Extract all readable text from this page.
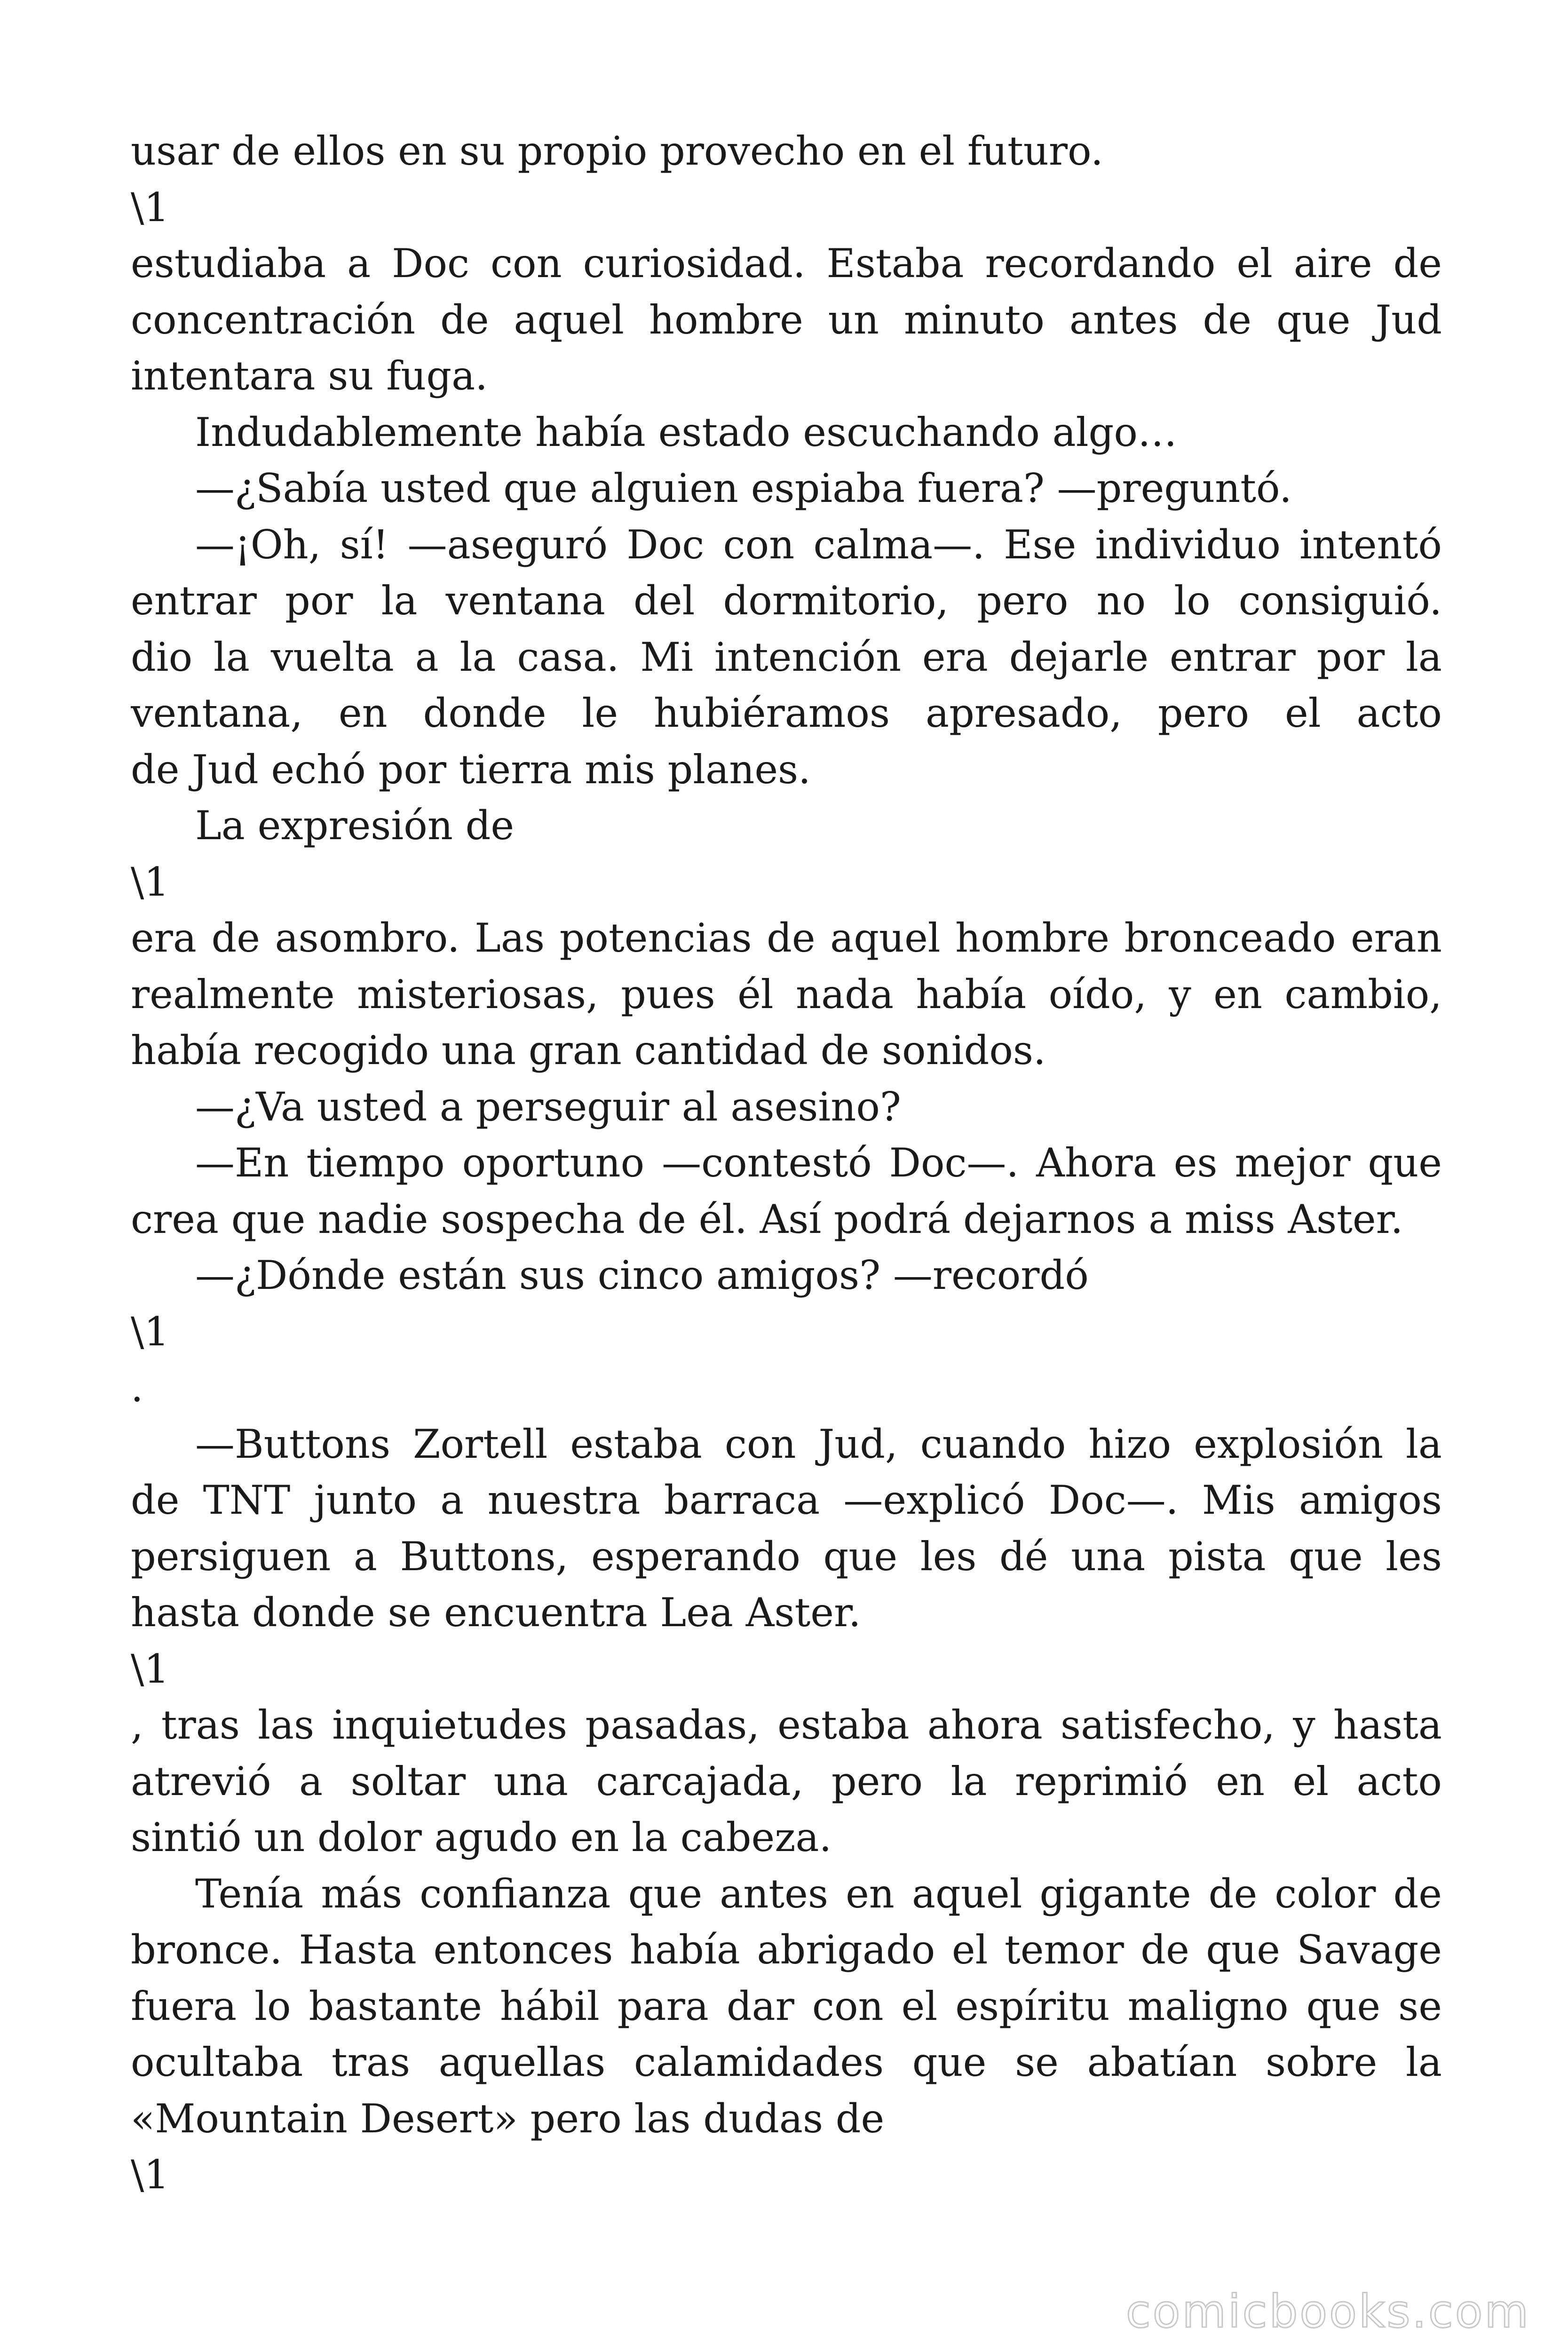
usar de ellos en su propio provecho en el futuro.
\1
estudiaba a Doc con curiosidad. Estaba recordando el aire de
concentración de aquel hombre un minuto antes de que Jud
intentara su fuga.
Indudablemente había estado escuchando algo…
—¿Sabía usted que alguien espiaba fuera? —preguntó.
—¡Oh, sí! —aseguró Doc con calma—. Ese individuo intentó
entrar por la ventana del dormitorio, pero no lo consiguió.
dio la vuelta a la casa. Mi intención era dejarle entrar por la
ventana, en donde le hubiéramos apresado, pero el acto
de Jud echó por tierra mis planes.
La expresión de
\1
era de asombro. Las potencias de aquel hombre bronceado eran
realmente misteriosas, pues él nada había oído, y en cambio,
había recogido una gran cantidad de sonidos.
—¿Va usted a perseguir al asesino?
—En tiempo oportuno —contestó Doc—. Ahora es mejor que
crea que nadie sospecha de él. Así podrá dejarnos a miss Aster.
—¿Dónde están sus cinco amigos? —recordó
\1
.
—Buttons Zortell estaba con Jud, cuando hizo explosión la
de TNT junto a nuestra barraca —explicó Doc—. Mis amigos
persiguen a Buttons, esperando que les dé una pista que les
hasta donde se encuentra Lea Aster.
\1
, tras las inquietudes pasadas, estaba ahora satisfecho, y hasta
atrevió a soltar una carcajada, pero la reprimió en el acto
sintió un dolor agudo en la cabeza.
Tenía más confianza que antes en aquel gigante de color de
bronce. Hasta entonces había abrigado el temor de que Savage
fuera lo bastante hábil para dar con el espíritu maligno que se
ocultaba tras aquellas calamidades que se abatían sobre la
«Mountain Desert» pero las dudas de
\1
comicbooks.com
